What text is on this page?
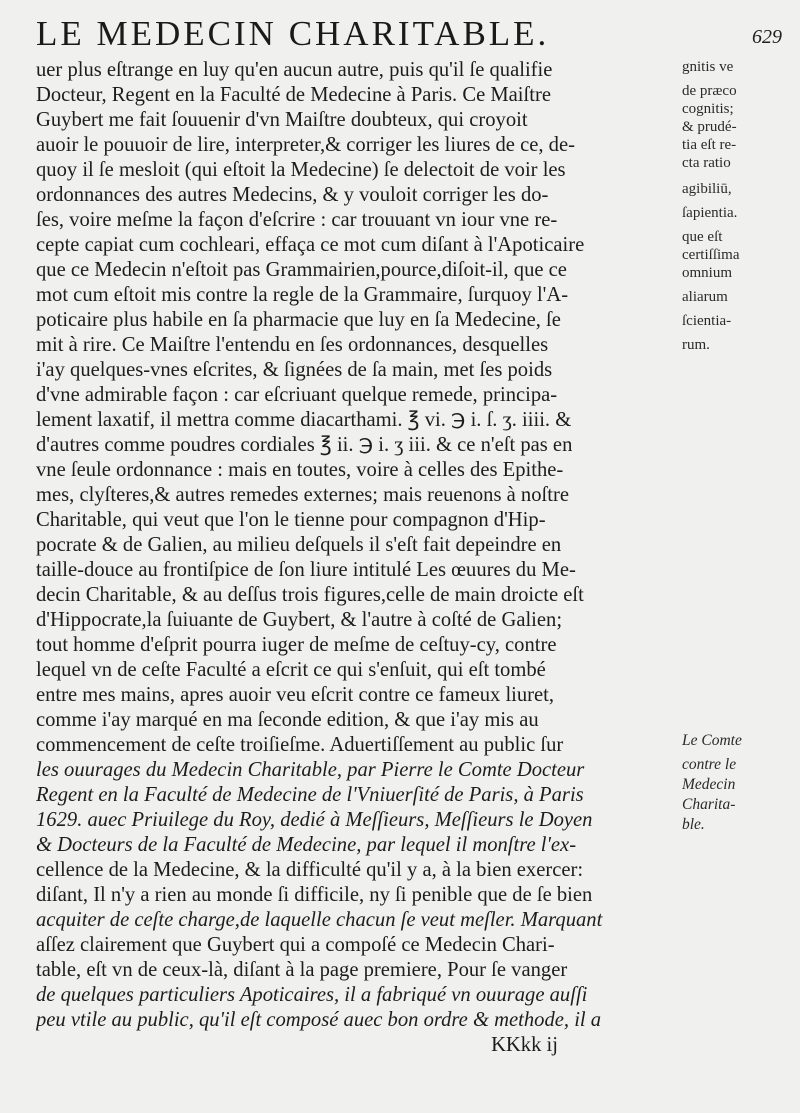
LE MEDECIN CHARITABLE.	629
uer plus eſtrange en luy qu'en aucun autre, puis qu'il ſe qualifie
Docteur, Regent en la Faculté de Medecine à Paris. Ce Maiſtre
Guybert me fait ſouuenir d'vn Maiſtre doubteux, qui croyoit
auoir le pouuoir de lire, interpreter,& corriger les liures de ce, de-
quoy il ſe mesloit (qui eſtoit la Medecine) ſe delectoit de voir les
ordonnances des autres Medecins, & y vouloit corriger les do-
ſes, voire meſme la façon d'eſcrire : car trouuant vn iour vne re-
cepte capiat cum cochleari, effaça ce mot cum diſant à l'Apoticaire
que ce Medecin n'eſtoit pas Grammairien,pource,diſoit-il, que ce
mot cum eſtoit mis contre la regle de la Grammaire, ſurquoy l'A-
poticaire plus habile en ſa pharmacie que luy en ſa Medecine, ſe
mit à rire. Ce Maiſtre l'entendu en ſes ordonnances, desquelles
i'ay quelques-vnes eſcrites, & ſignées de ſa main, met ſes poids
d'vne admirable façon : car eſcriuant quelque remede, principa-
lement laxatif, il mettra comme diacarthami. ℥ vi. ℈ i. ſ. ʒ. iiii. &
d'autres comme poudres cordiales ℥ ii. ℈ i. ʒ iii. & ce n'eſt pas en
vne ſeule ordonnance : mais en toutes, voire à celles des Epithe-
mes, clyſteres,& autres remedes externes; mais reuenons à noſtre
Charitable, qui veut que l'on le tienne pour compagnon d'Hip-
pocrate & de Galien, au milieu deſquels il s'eſt fait depeindre en
taille-douce au frontiſpice de ſon liure intitulé Les œuures du Me-
decin Charitable, & au deſſus trois figures,celle de main droicte eſt
d'Hippocrate,la ſuiuante de Guybert, & l'autre à coſté de Galien;
tout homme d'eſprit pourra iuger de meſme de ceſtuy-cy, contre
lequel vn de ceſte Faculté a eſcrit ce qui s'enſuit, qui eſt tombé
entre mes mains, apres auoir veu eſcrit contre ce fameux liuret,
comme i'ay marqué en ma ſeconde edition, & que i'ay mis au
commencement de ceſte troiſieſme. Aduertiſſement au public ſur
les ouurages du Medecin Charitable, par Pierre le Comte Docteur
Regent en la Faculté de Medecine de l'Vniuerſité de Paris, à Paris
1629. auec Priuilege du Roy, dedié à Meſſieurs, Meſſieurs le Doyen
& Docteurs de la Faculté de Medecine, par lequel il monſtre l'ex-
cellence de la Medecine, & la difficulté qu'il y a, à la bien exercer:
diſant, Il n'y a rien au monde ſi difficile, ny ſi penible que de ſe bien
acquiter de ceſte charge,de laquelle chacun ſe veut meſler. Marquant
aſſez clairement que Guybert qui a compoſé ce Medecin Chari-
table, eſt vn de ceux-là, diſant à la page premiere, Pour ſe vanger
de quelques particuliers Apoticaires, il a fabriqué vn ouurage auſſi
peu vtile au public, qu'il eſt composé auec bon ordre & methode, il a
KKkk ij
gnitis ve
de præco
cognitis;
& prudé-
tia eſt re-
cta ratio
agibiliū,
ſapientia.
que eſt
certiſſima
omnium
aliarum
ſcientia-
rum.
Le Comte
contre le
Medecin
Charita-
ble.
